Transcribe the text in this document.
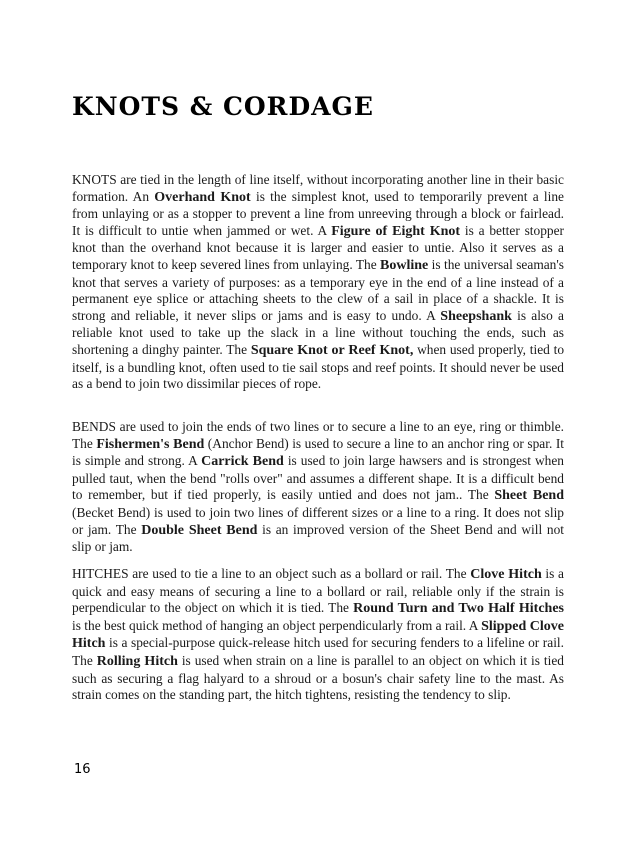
KNOTS & CORDAGE

KNOTS are tied in the length of line itself, without incorporating another line in their basic formation. An Overhand Knot is the simplest knot, used to temporarily prevent a line from unlaying or as a stopper to prevent a line from unreeving through a block or fairlead. It is difficult to untie when jammed or wet. A Figure of Eight Knot is a better stopper knot than the overhand knot because it is larger and easier to untie. Also it serves as a temporary knot to keep severed lines from unlaying. The Bowline is the universal seaman's knot that serves a variety of purposes: as a temporary eye in the end of a line instead of a permanent eye splice or attaching sheets to the clew of a sail in place of a shackle. It is strong and reliable, it never slips or jams and is easy to undo. A Sheepshank is also a reliable knot used to take up the slack in a line without touching the ends, such as shortening a dinghy painter. The Square Knot or Reef Knot, when used properly, tied to itself, is a bundling knot, often used to tie sail stops and reef points. It should never be used as a bend to join two dissimilar pieces of rope.

BENDS are used to join the ends of two lines or to secure a line to an eye, ring or thimble. The Fishermen's Bend (Anchor Bend) is used to secure a line to an anchor ring or spar. It is simple and strong. A Carrick Bend is used to join large hawsers and is strongest when pulled taut, when the bend "rolls over" and assumes a different shape. It is a difficult bend to remember, but if tied properly, is easily untied and does not jam.. The Sheet Bend (Becket Bend) is used to join two lines of different sizes or a line to a ring. It does not slip or jam. The Double Sheet Bend is an improved version of the Sheet Bend and will not slip or jam.

HITCHES are used to tie a line to an object such as a bollard or rail. The Clove Hitch is a quick and easy means of securing a line to a bollard or rail, reliable only if the strain is perpendicular to the object on which it is tied. The Round Turn and Two Half Hitches is the best quick method of hanging an object perpendicularly from a rail. A Slipped Clove Hitch is a special-purpose quick-release hitch used for securing fenders to a lifeline or rail. The Rolling Hitch is used when strain on a line is parallel to an object on which it is tied such as securing a flag halyard to a shroud or a bosun's chair safety line to the mast. As strain comes on the standing part, the hitch tightens, resisting the tendency to slip.

16
